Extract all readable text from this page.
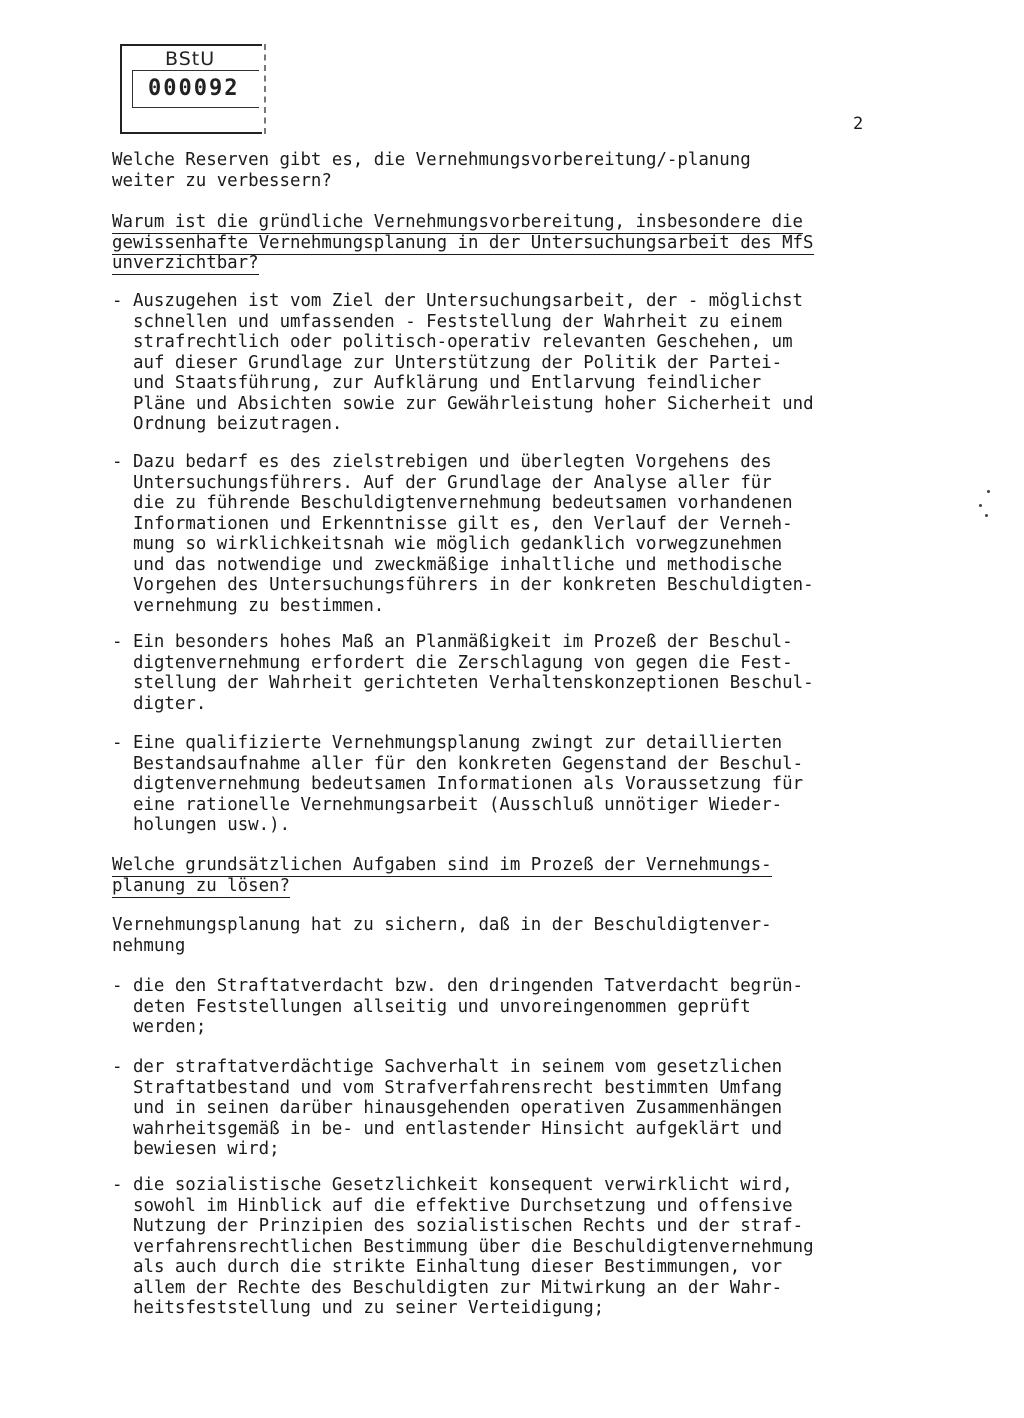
BStU
000092
2
Welche Reserven gibt es, die Vernehmungsvorbereitung/-planung
weiter zu verbessern?
Warum ist die gründliche Vernehmungsvorbereitung, insbesondere die
gewissenhafte Vernehmungsplanung in der Untersuchungsarbeit des MfS
unverzichtbar?
- Auszugehen ist vom Ziel der Untersuchungsarbeit, der - möglichst
schnellen und umfassenden - Feststellung der Wahrheit zu einem
strafrechtlich oder politisch-operativ relevanten Geschehen, um
auf dieser Grundlage zur Unterstützung der Politik der Partei-
und Staatsführung, zur Aufklärung und Entlarvung feindlicher
Pläne und Absichten sowie zur Gewährleistung hoher Sicherheit und
Ordnung beizutragen.
- Dazu bedarf es des zielstrebigen und überlegten Vorgehens des
Untersuchungsführers. Auf der Grundlage der Analyse aller für
die zu führende Beschuldigtenvernehmung bedeutsamen vorhandenen
Informationen und Erkenntnisse gilt es, den Verlauf der Verneh-
mung so wirklichkeitsnah wie möglich gedanklich vorwegzunehmen
und das notwendige und zweckmäßige inhaltliche und methodische
Vorgehen des Untersuchungsführers in der konkreten Beschuldigten-
vernehmung zu bestimmen.
- Ein besonders hohes Maß an Planmäßigkeit im Prozeß der Beschul-
digtenvernehmung erfordert die Zerschlagung von gegen die Fest-
stellung der Wahrheit gerichteten Verhaltenskonzeptionen Beschul-
digter.
- Eine qualifizierte Vernehmungsplanung zwingt zur detaillierten
Bestandsaufnahme aller für den konkreten Gegenstand der Beschul-
digtenvernehmung bedeutsamen Informationen als Voraussetzung für
eine rationelle Vernehmungsarbeit (Ausschluß unnötiger Wieder-
holungen usw.).
Welche grundsätzlichen Aufgaben sind im Prozeß der Vernehmungs-
planung zu lösen?
Vernehmungsplanung hat zu sichern, daß in der Beschuldigtenver-
nehmung
- die den Straftatverdacht bzw. den dringenden Tatverdacht begrün-
deten Feststellungen allseitig und unvoreingenommen geprüft
werden;
- der straftatverdächtige Sachverhalt in seinem vom gesetzlichen
Straftatbestand und vom Strafverfahrensrecht bestimmten Umfang
und in seinen darüber hinausgehenden operativen Zusammenhängen
wahrheitsgemäß in be- und entlastender Hinsicht aufgeklärt und
bewiesen wird;
- die sozialistische Gesetzlichkeit konsequent verwirklicht wird,
sowohl im Hinblick auf die effektive Durchsetzung und offensive
Nutzung der Prinzipien des sozialistischen Rechts und der straf-
verfahrensrechtlichen Bestimmung über die Beschuldigtenvernehmung
als auch durch die strikte Einhaltung dieser Bestimmungen, vor
allem der Rechte des Beschuldigten zur Mitwirkung an der Wahr-
heitsfeststellung und zu seiner Verteidigung;
